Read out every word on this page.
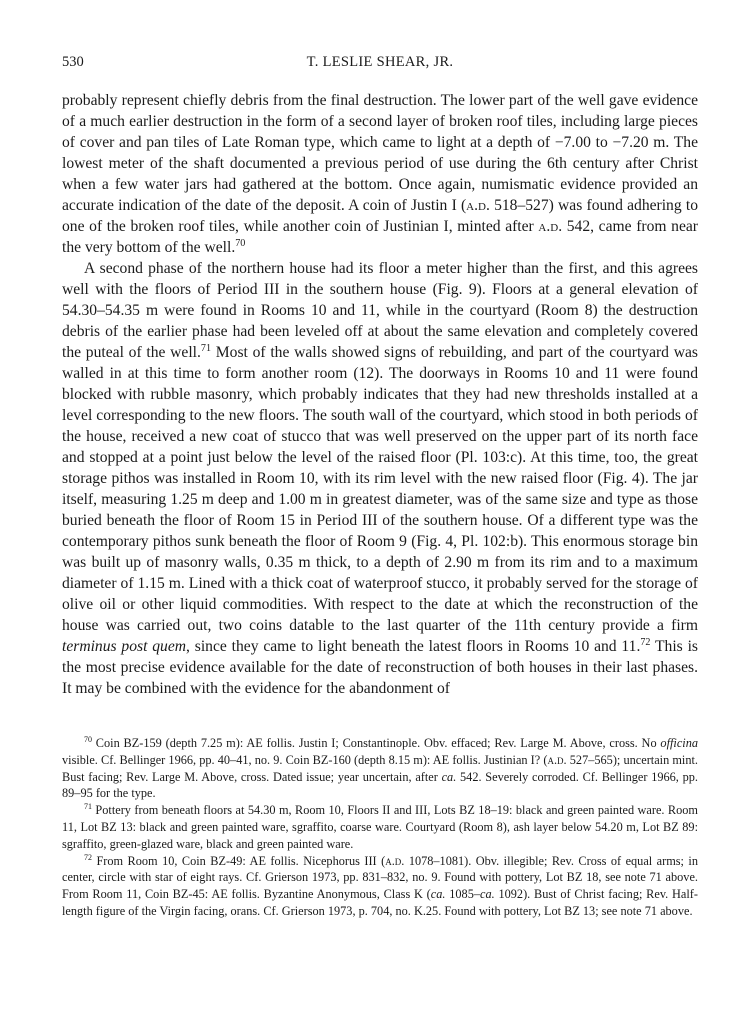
530	T. LESLIE SHEAR, JR.

probably represent chiefly debris from the final destruction. The lower part of the well gave evidence of a much earlier destruction in the form of a second layer of broken roof tiles, including large pieces of cover and pan tiles of Late Roman type, which came to light at a depth of −7.00 to −7.20 m. The lowest meter of the shaft documented a previous period of use during the 6th century after Christ when a few water jars had gathered at the bottom. Once again, numismatic evidence provided an accurate indication of the date of the deposit. A coin of Justin I (a.d. 518–527) was found adhering to one of the broken roof tiles, while another coin of Justinian I, minted after a.d. 542, came from near the very bottom of the well.$^{70}$

A second phase of the northern house had its floor a meter higher than the first, and this agrees well with the floors of Period III in the southern house (Fig. 9). Floors at a general elevation of 54.30–54.35 m were found in Rooms 10 and 11, while in the courtyard (Room 8) the destruction debris of the earlier phase had been leveled off at about the same elevation and completely covered the puteal of the well.$^{71}$ Most of the walls showed signs of rebuilding, and part of the courtyard was walled in at this time to form another room (12). The doorways in Rooms 10 and 11 were found blocked with rubble masonry, which probably indicates that they had new thresholds installed at a level corresponding to the new floors. The south wall of the courtyard, which stood in both periods of the house, received a new coat of stucco that was well preserved on the upper part of its north face and stopped at a point just below the level of the raised floor (Pl. 103:c). At this time, too, the great storage pithos was installed in Room 10, with its rim level with the new raised floor (Fig. 4). The jar itself, measuring 1.25 m deep and 1.00 m in greatest diameter, was of the same size and type as those buried beneath the floor of Room 15 in Period III of the southern house. Of a different type was the contemporary pithos sunk beneath the floor of Room 9 (Fig. 4, Pl. 102:b). This enormous storage bin was built up of masonry walls, 0.35 m thick, to a depth of 2.90 m from its rim and to a maximum diameter of 1.15 m. Lined with a thick coat of waterproof stucco, it probably served for the storage of olive oil or other liquid commodities. With respect to the date at which the reconstruction of the house was carried out, two coins datable to the last quarter of the 11th century provide a firm terminus post quem, since they came to light beneath the latest floors in Rooms 10 and 11.72 This is the most precise evidence available for the date of reconstruction of both houses in their last phases. It may be combined with the evidence for the abandonment of

$^{70}$ Coin BZ-159 (depth 7.25 m): AE follis. Justin I; Constantinople. Obv. effaced; Rev. Large M. Above, cross. No officina visible. Cf. Bellinger 1966, pp. 40–41, no. 9. Coin BZ-160 (depth 8.15 m): AE follis. Justinian I? (a.d. 527–565); uncertain mint. Bust facing; Rev. Large M. Above, cross. Dated issue; year uncertain, after ca. 542. Severely corroded. Cf. Bellinger 1966, pp. 89–95 for the type.

$^{71}$ Pottery from beneath floors at 54.30 m, Room 10, Floors II and III, Lots BZ 18–19: black and green painted ware. Room 11, Lot BZ 13: black and green painted ware, sgraffito, coarse ware. Courtyard (Room 8), ash layer below 54.20 m, Lot BZ 89: sgraffito, green-glazed ware, black and green painted ware.

$^{72}$ From Room 10, Coin BZ-49: AE follis. Nicephorus III (a.d. 1078–1081). Obv. illegible; Rev. Cross of equal arms; in center, circle with star of eight rays. Cf. Grierson 1973, pp. 831–832, no. 9. Found with pottery, Lot BZ 18, see note 71 above. From Room 11, Coin BZ-45: AE follis. Byzantine Anonymous, Class K (ca. 1085–ca. 1092). Bust of Christ facing; Rev. Half-length figure of the Virgin facing, orans. Cf. Grierson 1973, p. 704, no. K.25. Found with pottery, Lot BZ 13; see note 71 above.
